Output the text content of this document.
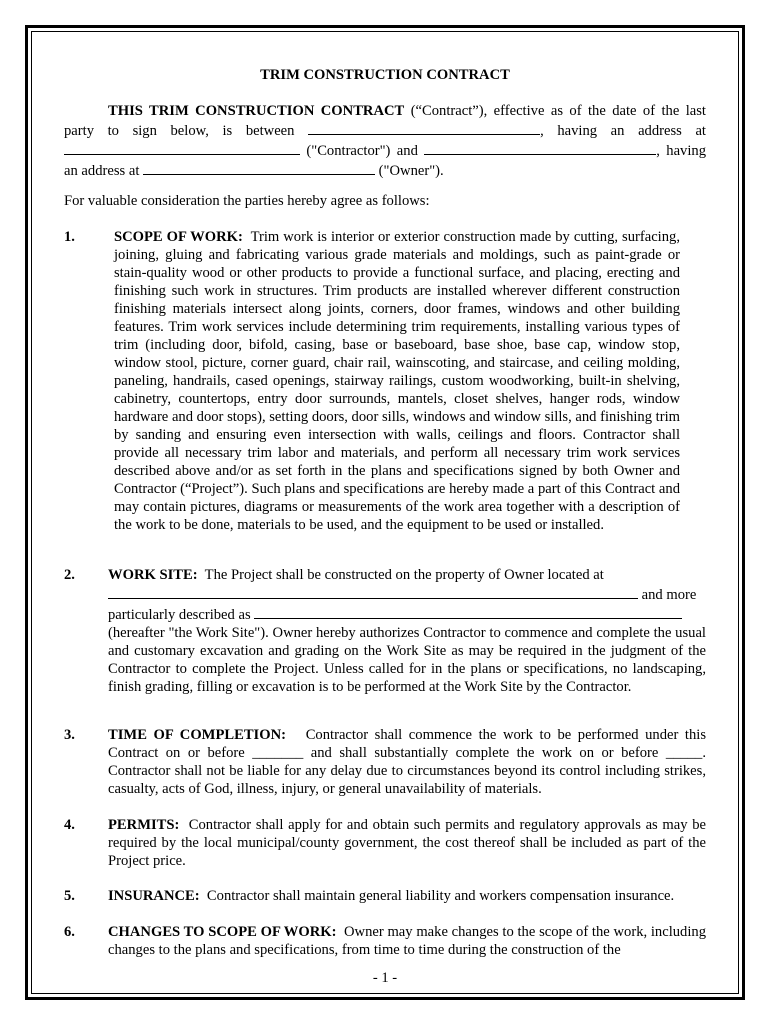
TRIM CONSTRUCTION CONTRACT

THIS TRIM CONSTRUCTION CONTRACT (“Contract”), effective as of the date of the last party to sign below, is between	, having an address at  ("Contractor") and	, having an address at	("Owner").

For valuable consideration the parties hereby agree as follows:
1.	SCOPE OF WORK: Trim work is interior or exterior construction made by cutting, surfacing, joining, gluing and fabricating various grade materials and moldings, such as paint-grade or stain-quality wood or other products to provide a functional surface, and placing, erecting and finishing such work in structures. Trim products are installed wherever different construction finishing materials intersect along joints, corners, door frames, windows and other building features. Trim work services include determining trim requirements, installing various types of trim (including door, bifold, casing, base or baseboard, base shoe, base cap, window stop, window stool, picture, corner guard, chair rail, wainscoting, and staircase, and ceiling molding, paneling, handrails, cased openings, stairway railings, custom woodworking, built-in shelving, cabinetry, countertops, entry door surrounds, mantels, closet shelves, hanger rods, window hardware and door stops), setting doors, door sills, windows and window sills, and finishing trim by sanding and ensuring even intersection with walls, ceilings and floors. Contractor shall provide all necessary trim labor and materials, and perform all necessary trim work services described above and/or as set forth in the plans and specifications signed by both Owner and Contractor (“Project”). Such plans and specifications are hereby made a part of this Contract and may contain pictures, diagrams or measurements of the work area together with a description of the work to be done, materials to be used, and the equipment to be used or installed.
2. WORK SITE: The Project shall be constructed on the property of Owner located at
and more particularly described as

(hereafter "the Work Site"). Owner hereby authorizes Contractor to commence and complete the usual and customary excavation and grading on the Work Site as may be required in the judgment of the Contractor to complete the Project. Unless called for in the plans or specifications, no landscaping, finish grading, filling or excavation is to be performed at the Work Site by the Contractor.
3. TIME OF COMPLETION: Contractor shall commence the work to be performed under this Contract on or before _______ and shall substantially complete the work on or before _____. Contractor shall not be liable for any delay due to circumstances beyond its control including strikes, casualty, acts of God, illness, injury, or general unavailability of materials.
4. PERMITS: Contractor shall apply for and obtain such permits and regulatory approvals as may be required by the local municipal/county government, the cost thereof shall be included as part of the Project price.
5. INSURANCE: Contractor shall maintain general liability and workers compensation insurance.
6. CHANGES TO SCOPE OF WORK: Owner may make changes to the scope of the work, including changes to the plans and specifications, from time to time during the construction of the
- 1 -
